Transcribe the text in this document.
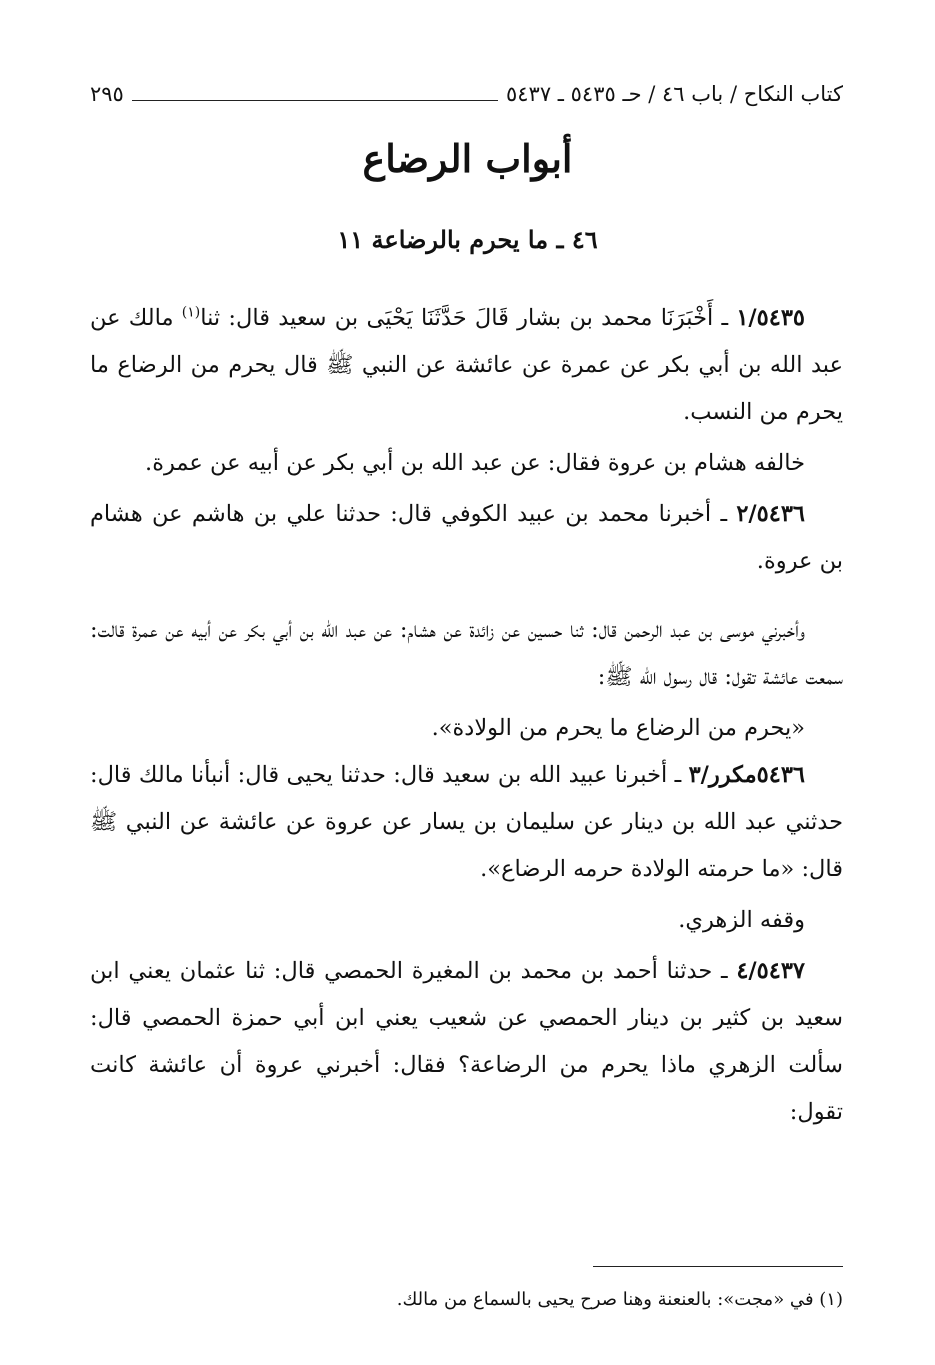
كتاب النكاح / باب ٤٦ / حـ ٥٤٣٥ ـ ٥٤٣٧
٢٩٥
أبواب الرضاع
٤٦ ـ ما يحرم بالرضاعة ١١

١/٥٤٣٥ ـ أَخْبَرَنَا محمد بن بشار قَالَ حَدَّثَنَا يَحْيَى بن سعيد قال: ثنا$^{(١)}$ مالك عن عبد الله بن أبي بكر عن عمرة عن عائشة عن النبي ﷺ قال يحرم من الرضاع ما يحرم من النسب.

خالفه هشام بن عروة فقال: عن عبد الله بن أبي بكر عن أبيه عن عمرة.

٢/٥٤٣٦ ـ أخبرنا محمد بن عبيد الكوفي قال: حدثنا علي بن هاشم عن هشام بن عروة.

وأخبرني موسى بن عبد الرحمن قال: ثنا حسين عن زائدة عن هشام: عن عبد الله بن أبي بكر عن أبيه عن عمرة قالت: سمعت عائشة تقول: قال رسول الله ﷺ:

«يحرم من الرضاع ما يحرم من الولادة».

٥٤٣٦مكرر/٣ ـ أخبرنا عبيد الله بن سعيد قال: حدثنا يحيى قال: أنبأنا مالك قال: حدثني عبد الله بن دينار عن سليمان بن يسار عن عروة عن عائشة عن النبي ﷺ قال: «ما حرمته الولادة حرمه الرضاع».

وقفه الزهري.

٤/٥٤٣٧ ـ حدثنا أحمد بن محمد بن المغيرة الحمصي قال: ثنا عثمان يعني ابن سعيد بن كثير بن دينار الحمصي عن شعيب يعني ابن أبي حمزة الحمصي قال: سألت الزهري ماذا يحرم من الرضاعة؟ فقال: أخبرني عروة أن عائشة كانت تقول:

(١) في «مجت»: بالعنعنة وهنا صرح يحيى بالسماع من مالك.
